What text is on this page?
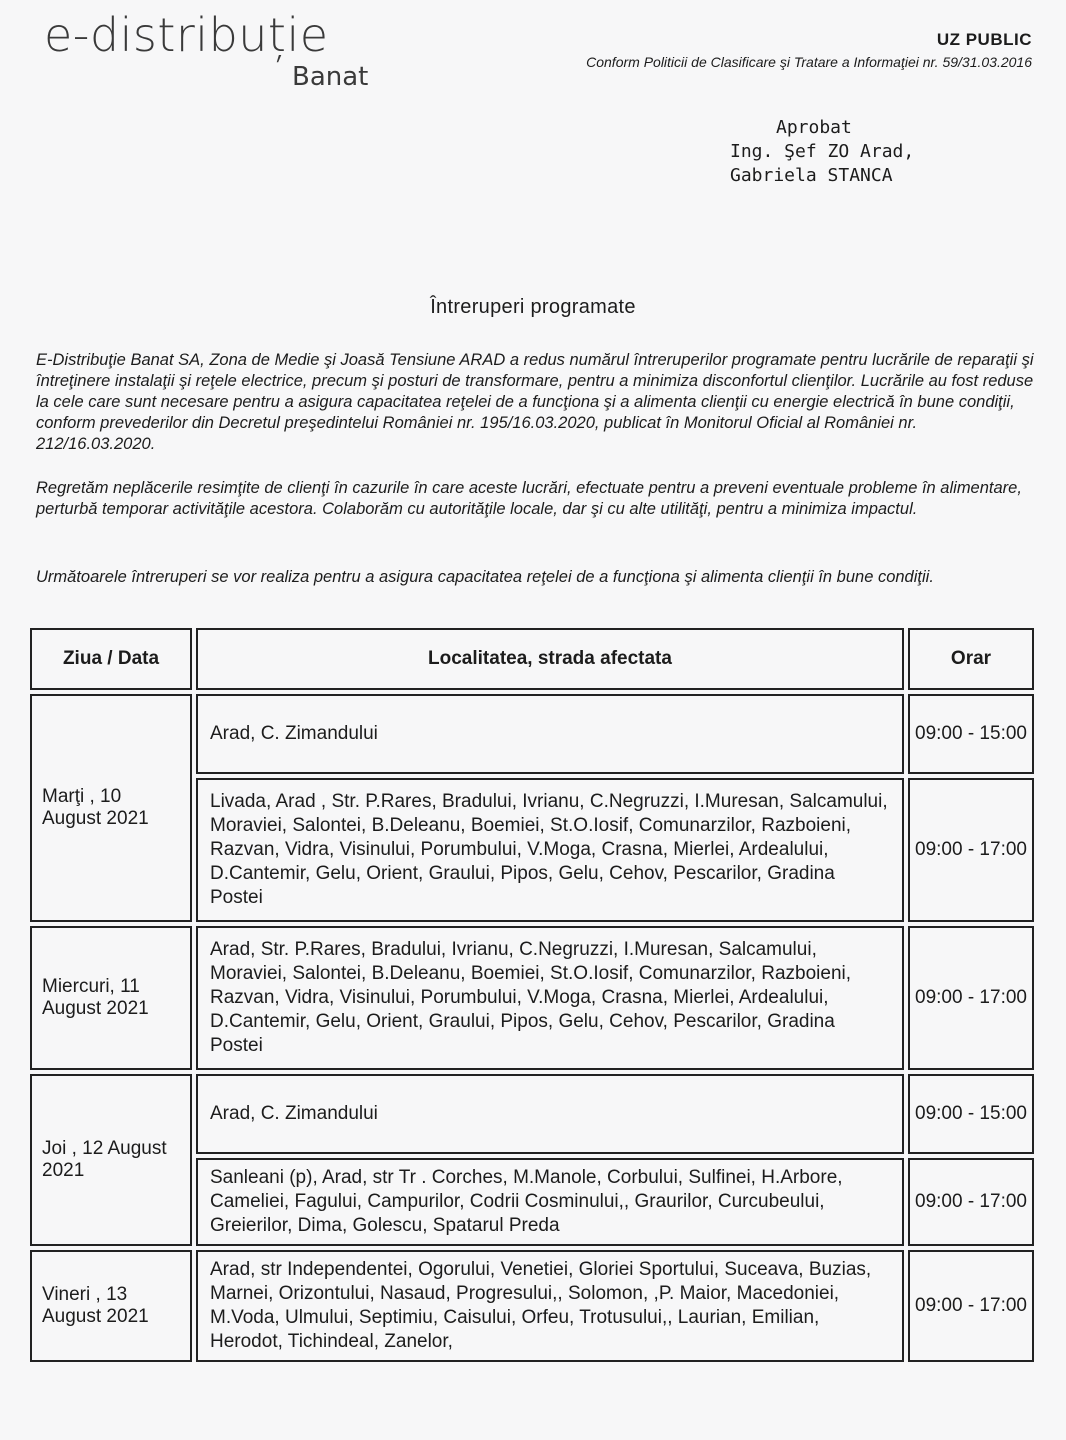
e-distribuție
Banat
UZ PUBLIC
Conform Politicii de Clasificare şi Tratare a Informaţiei nr. 59/31.03.2016
Aprobat
Ing. Şef ZO Arad,
Gabriela STANCA
Întreruperi programate
E-Distribuţie Banat SA, Zona de Medie şi Joasă Tensiune ARAD a redus numărul întreruperilor programate pentru lucrările de reparaţii şi întreţinere instalaţii şi reţele electrice, precum şi posturi de transformare, pentru a minimiza disconfortul clienţilor. Lucrările au fost reduse la cele care sunt necesare pentru a asigura capacitatea reţelei de a funcţiona şi a alimenta clienţii cu energie electrică în bune condiţii, conform prevederilor din Decretul preşedintelui României nr. 195/16.03.2020, publicat în Monitorul Oficial al României nr. 212/16.03.2020.
Regretăm neplăcerile resimţite de clienţi în cazurile în care aceste lucrări, efectuate pentru a preveni eventuale probleme în alimentare, perturbă temporar activităţile acestora. Colaborăm cu autorităţile locale, dar şi cu alte utilităţi, pentru a minimiza impactul.
Următoarele întreruperi se vor realiza pentru a asigura capacitatea reţelei de a funcţiona şi alimenta clienţii în bune condiţii.
Ziua / Data	Localitatea, strada afectata	Orar
Marţi , 10 August 2021	Arad, C. Zimandului	09:00 - 15:00
	Livada, Arad , Str. P.Rares, Bradului, Ivrianu, C.Negruzzi, I.Muresan, Salcamului, Moraviei, Salontei, B.Deleanu, Boemiei, St.O.Iosif, Comunarzilor, Razboieni, Razvan, Vidra, Visinului, Porumbului, V.Moga, Crasna, Mierlei, Ardealului, D.Cantemir, Gelu, Orient, Graului, Pipos, Gelu, Cehov, Pescarilor, Gradina Postei	09:00 - 17:00
Miercuri, 11 August 2021	Arad, Str. P.Rares, Bradului, Ivrianu, C.Negruzzi, I.Muresan, Salcamului, Moraviei, Salontei, B.Deleanu, Boemiei, St.O.Iosif, Comunarzilor, Razboieni, Razvan, Vidra, Visinului, Porumbului, V.Moga, Crasna, Mierlei, Ardealului, D.Cantemir, Gelu, Orient, Graului, Pipos, Gelu, Cehov, Pescarilor, Gradina Postei	09:00 - 17:00
Joi , 12 August 2021	Arad, C. Zimandului	09:00 - 15:00
	Sanleani (p), Arad, str Tr . Corches, M.Manole, Corbului, Sulfinei, H.Arbore, Cameliei, Fagului, Campurilor, Codrii Cosminului,, Graurilor, Curcubeului, Greierilor, Dima, Golescu, Spatarul Preda	09:00 - 17:00
Vineri , 13 August 2021	Arad, str Independentei, Ogorului, Venetiei, Gloriei Sportului, Suceava, Buzias, Marnei, Orizontului, Nasaud, Progresului,, Solomon, ,P. Maior, Macedoniei, M.Voda, Ulmului, Septimiu, Caisului, Orfeu, Trotusului,, Laurian, Emilian, Herodot, Tichindeal, Zanelor,	09:00 - 17:00
